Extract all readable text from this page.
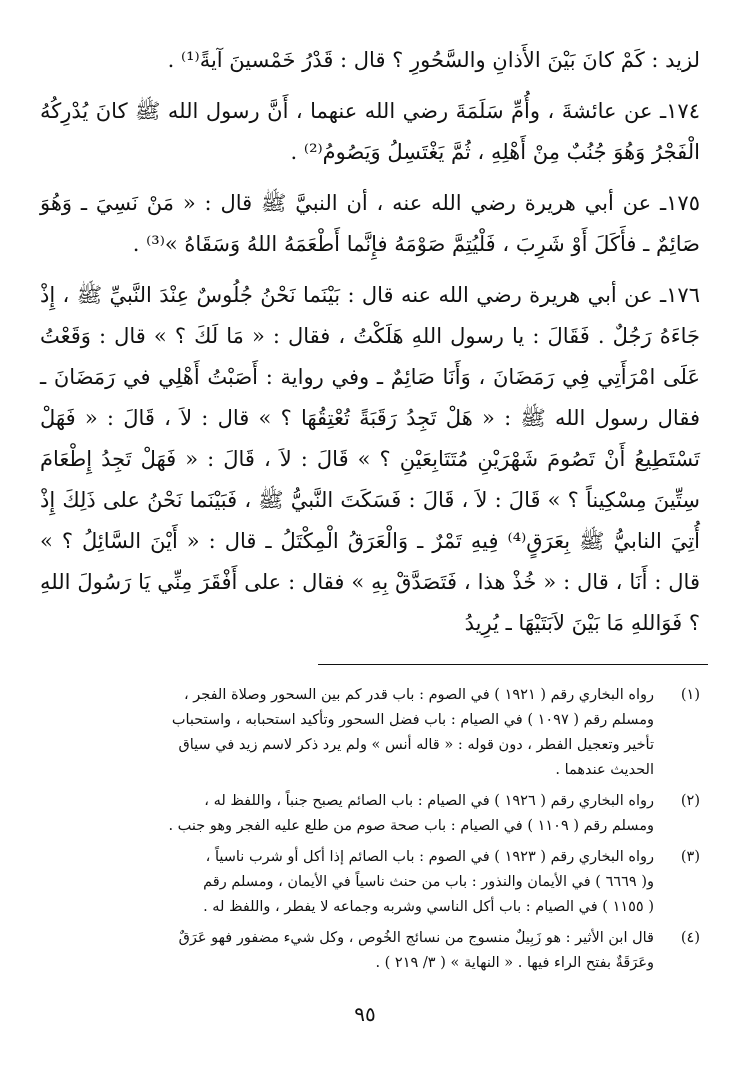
لزيد : كَمْ كانَ بَيْنَ الأَذانِ والسَّحُورِ ؟ قال : قَدْرُ خَمْسينَ آيةً⁽¹⁾ .

١٧٤ـ عن عائشةَ ، وأُمِّ سَلَمَةَ رضي الله عنهما ، أَنَّ رسول الله ﷺ كانَ يُدْرِكُهُ الْفَجْرُ وَهُوَ جُنُبٌ مِنْ أَهْلِهِ ، ثُمَّ يَغْتَسِلُ وَيَصُومُ⁽²⁾ .

١٧٥ـ عن أبي هريرة رضي الله عنه ، أن النبيَّ ﷺ قال : « مَنْ نَسِيَ ـ وَهُوَ صَائِمٌ ـ فأَكَلَ أَوْ شَرِبَ ، فَلْيُتِمَّ صَوْمَهُ فإِنَّما أَطْعَمَهُ اللهُ وَسَقَاهُ »⁽³⁾ .

١٧٦ـ عن أبي هريرة رضي الله عنه قال : بَيْنَما نَحْنُ جُلُوسٌ عِنْدَ النَّبيِّ ﷺ ، إِذْ جَاءَهُ رَجُلٌ . فَقَالَ : يا رسول اللهِ هَلَكْتُ ، فقال : « مَا لَكَ ؟ » قال : وَقَعْتُ عَلَى امْرَأَتِي فِي رَمَضَانَ ، وَأَنَا صَائِمٌ ـ وفي رواية : أَصَبْتُ أَهْلِي في رَمَضَانَ ـ فقال رسول الله ﷺ : « هَلْ تَجِدُ رَقَبَةً تُعْتِقُهَا ؟ » قال : لاَ ، قَالَ : « فَهَلْ تَسْتَطِيعُ أَنْ تَصُومَ شَهْرَيْنِ مُتَتَابِعَيْنِ ؟ » قَالَ : لاَ ، قَالَ : « فَهَلْ تَجِدُ إِطْعَامَ سِتِّينَ مِسْكِيناً ؟ » قَالَ : لاَ ، قَالَ : فَسَكَتَ النَّبيُّ ﷺ ، فَبَيْنَما نَحْنُ على ذَلِكَ إِذْ أُتِيَ النابيُّ ﷺ بِعَرَقٍ⁽⁴⁾ فِيهِ تَمْرٌ ـ وَالْعَرَقُ الْمِكْتَلُ ـ قال : « أَيْنَ السَّائِلُ ؟ » قال : أَنَا ، قال : « خُذْ هذا ، فَتَصَدَّقْ بِهِ » فقال : على أَفْقَرَ مِنِّي يَا رَسُولَ اللهِ ؟ فَوَاللهِ مَا بَيْنَ لاَبَتَيْهَا ـ يُرِيدُ

(١)
رواه البخاري رقم ( ١٩٢١ ) في الصوم : باب قدر كم بين السحور وصلاة الفجر ،
ومسلم رقم ( ١٠٩٧ ) في الصيام : باب فضل السحور وتأكيد استحبابه ، واستحباب
تأخير وتعجيل الفطر ، دون قوله : « قاله أنس » ولم يرد ذكر لاسم زيد في سياق
الحديث عندهما .
(٢)
رواه البخاري رقم ( ١٩٢٦ ) في الصيام : باب الصائم يصبح جنباً ، واللفظ له ،
ومسلم رقم ( ١١٠٩ ) في الصيام : باب صحة صوم من طلع عليه الفجر وهو جنب .
(٣)
رواه البخاري رقم ( ١٩٢٣ ) في الصوم : باب الصائم إذا أكل أو شرب ناسياً ،
و( ٦٦٦٩ ) في الأيمان والنذور : باب من حنث ناسياً في الأيمان ، ومسلم رقم
( ١١٥٥ ) في الصيام : باب أكل الناسي وشربه وجماعه لا يفطر ، واللفظ له .
(٤)
قال ابن الأثير : هو زَبِيلٌ منسوج من نسائج الخُوص ، وكل شيء مضفور فهو عَرَقٌ
وعَرَقَةٌ بفتح الراء فيها . « النهاية » ( ٣/ ٢١٩ ) .
٩٥
